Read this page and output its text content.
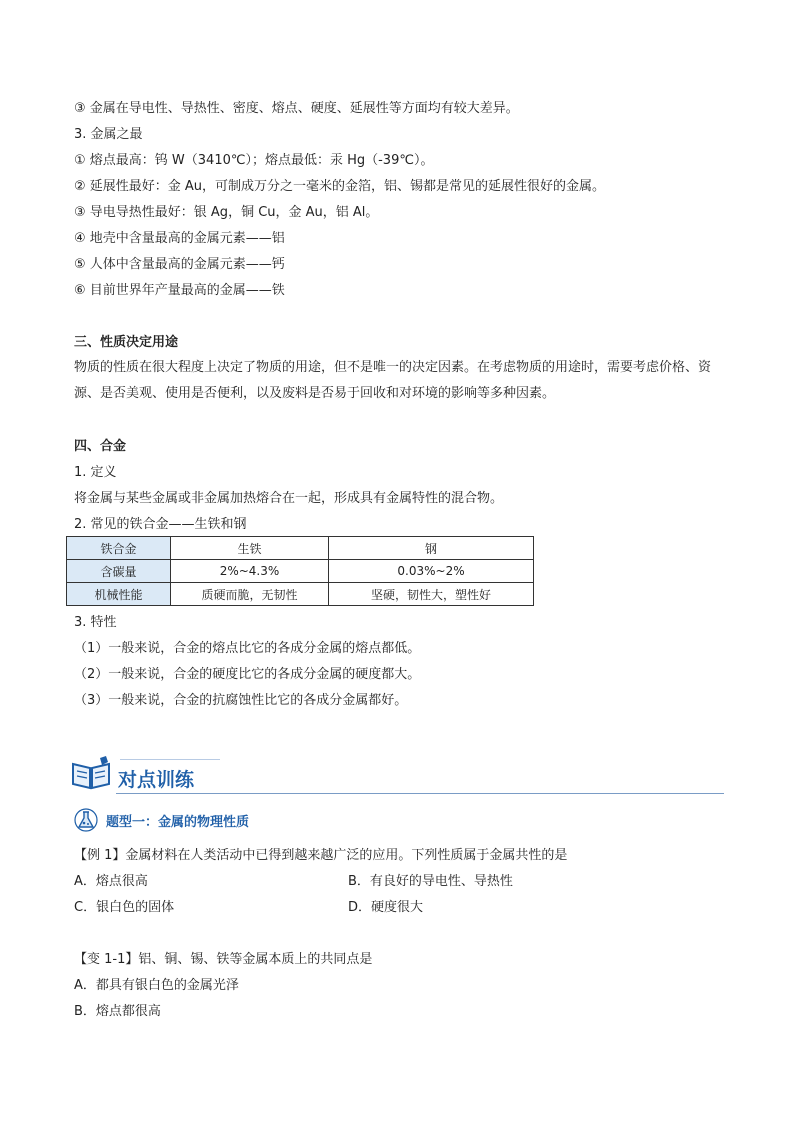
③ 金属在导电性、导热性、密度、熔点、硬度、延展性等方面均有较大差异。
3. 金属之最
① 熔点最高：钨 W（3410℃）；熔点最低：汞 Hg（-39℃）。
② 延展性最好：金 Au，可制成万分之一毫米的金箔，铝、锡都是常见的延展性很好的金属。
③ 导电导热性最好：银 Ag，铜 Cu，金 Au，铝 Al。
④ 地壳中含量最高的金属元素——铝
⑤ 人体中含量最高的金属元素——钙
⑥ 目前世界年产量最高的金属——铁
三、性质决定用途
物质的性质在很大程度上决定了物质的用途，但不是唯一的决定因素。在考虑物质的用途时，需要考虑价格、资源、是否美观、使用是否便利，以及废料是否易于回收和对环境的影响等多种因素。
四、合金
1. 定义
将金属与某些金属或非金属加热熔合在一起，形成具有金属特性的混合物。
2. 常见的铁合金——生铁和钢
铁合金	生铁	钢
含碳量	2%~4.3%	0.03%~2%
机械性能	质硬而脆，无韧性	坚硬，韧性大，塑性好
3. 特性
（1）一般来说，合金的熔点比它的各成分金属的熔点都低。
（2）一般来说，合金的硬度比它的各成分金属的硬度都大。
（3）一般来说，合金的抗腐蚀性比它的各成分金属都好。
对点训练
题型一：金属的物理性质
【例 1】金属材料在人类活动中已得到越来越广泛的应用。下列性质属于金属共性的是
A．熔点很高	B．有良好的导电性、导热性
C．银白色的固体	D．硬度很大
【变 1-1】铝、铜、锡、铁等金属本质上的共同点是
A．都具有银白色的金属光泽
B．熔点都很高
